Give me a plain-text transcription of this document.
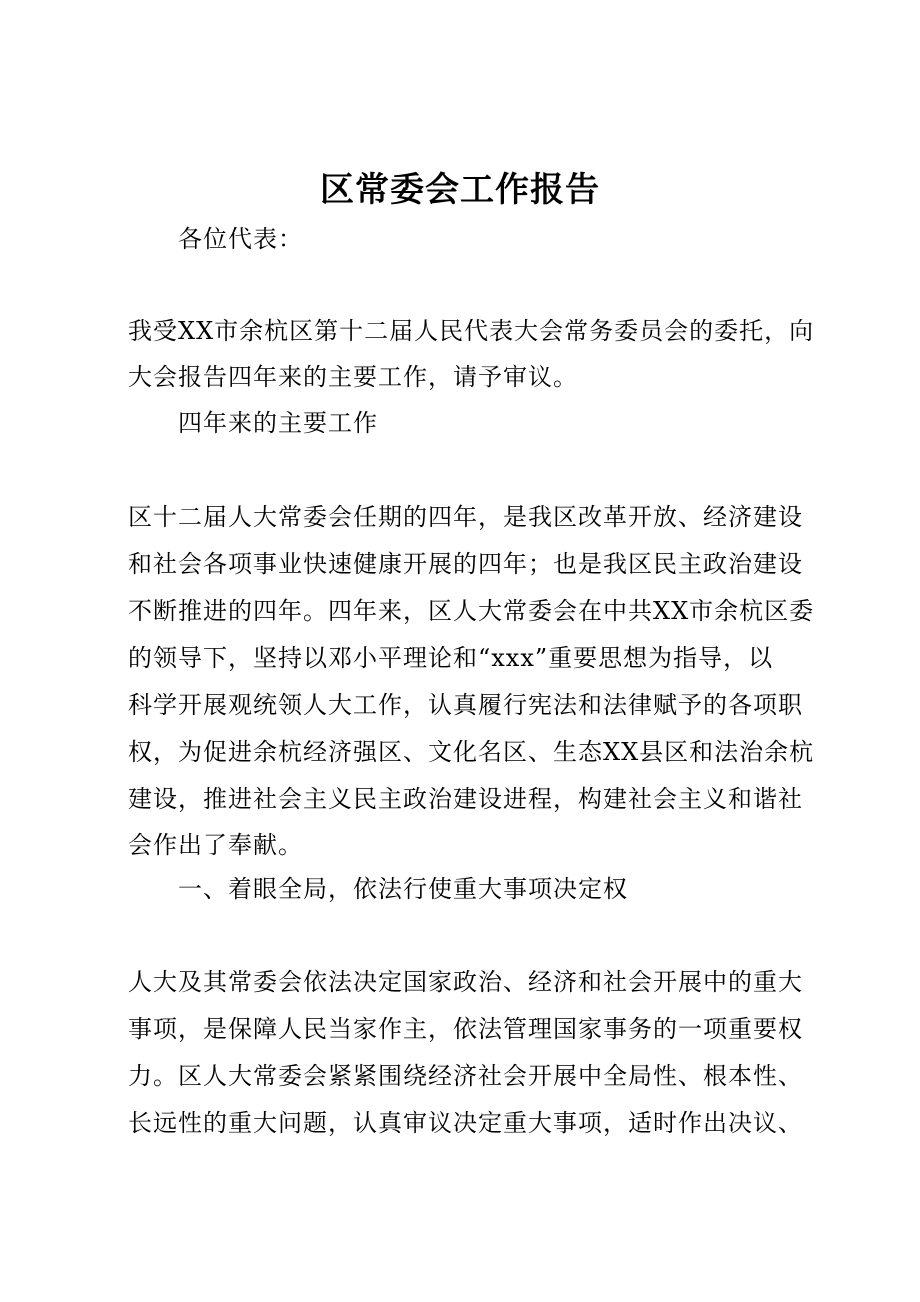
区常委会工作报告
各位代表：
我受XX市余杭区第十二届人民代表大会常务委员会的委托，向
大会报告四年来的主要工作，请予审议。
四年来的主要工作
区十二届人大常委会任期的四年，是我区改革开放、经济建设
和社会各项事业快速健康开展的四年；也是我区民主政治建设
不断推进的四年。四年来，区人大常委会在中共XX市余杭区委
的领导下，坚持以邓小平理论和“xxx”重要思想为指导，以
科学开展观统领人大工作，认真履行宪法和法律赋予的各项职
权，为促进余杭经济强区、文化名区、生态XX县区和法治余杭
建设，推进社会主义民主政治建设进程，构建社会主义和谐社
会作出了奉献。
一、着眼全局，依法行使重大事项决定权
人大及其常委会依法决定国家政治、经济和社会开展中的重大
事项，是保障人民当家作主，依法管理国家事务的一项重要权
力。区人大常委会紧紧围绕经济社会开展中全局性、根本性、
长远性的重大问题，认真审议决定重大事项，适时作出决议、
